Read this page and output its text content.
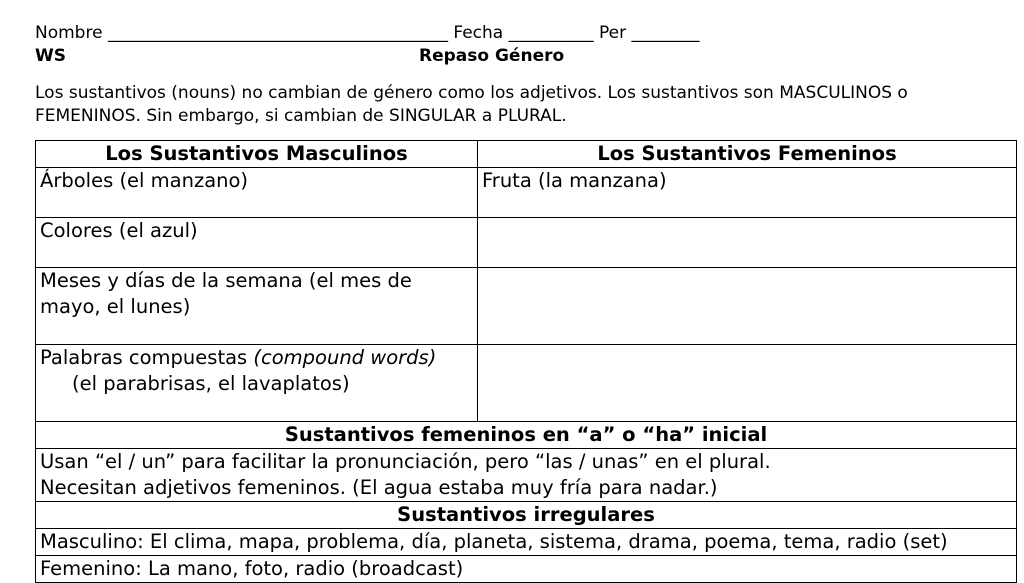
Nombre ________________________________________ Fecha __________ Per ________
WS	Repaso Género
Los sustantivos (nouns) no cambian de género como los adjetivos. Los sustantivos son MASCULINOS o
FEMENINOS. Sin embargo, si cambian de SINGULAR a PLURAL.
Los Sustantivos Masculinos	Los Sustantivos Femeninos
Árboles (el manzano)	Fruta (la manzana)
Colores (el azul)	
Meses y días de la semana (el mes de mayo, el lunes)	
Palabras compuestas (compound words)
(el parabrisas, el lavaplatos)	

Sustantivos femeninos en “a” o “ha” inicial	

Usan “el / un” para facilitar la pronunciación, pero “las / unas” en el plural.
Necesitan adjetivos femeninos. (El agua estaba muy fría para nadar.)	

Sustantivos irregulares	
Masculino: El clima, mapa, problema, día, planeta, sistema, drama, poema, tema, radio (set)	
Femenino: La mano, foto, radio (broadcast)	
